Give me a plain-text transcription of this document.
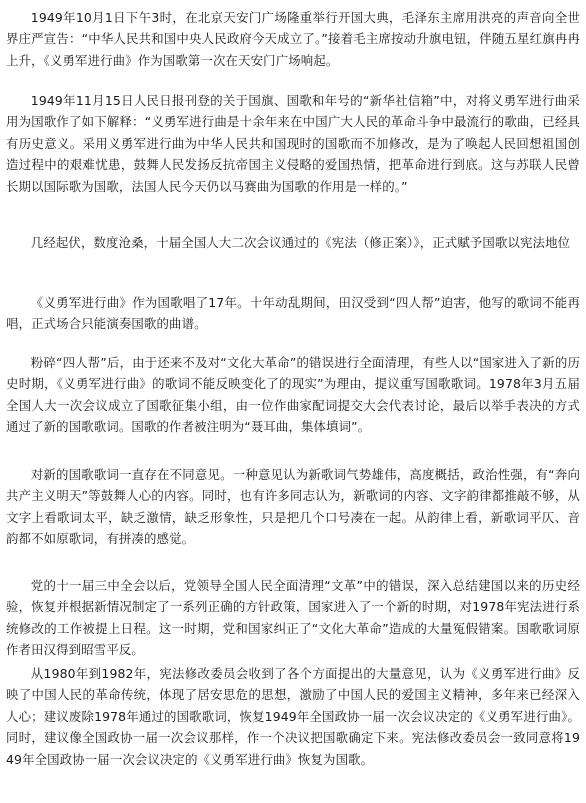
1949年10月1日下午3时，在北京天安门广场隆重举行开国大典，毛泽东主席用洪亮的声音向全世界庄严宣告：“中华人民共和国中央人民政府今天成立了。”接着毛主席按动升旗电钮，伴随五星红旗冉冉上升，《义勇军进行曲》作为国歌第一次在天安门广场响起。

1949年11月15日人民日报刊登的关于国旗、国歌和年号的“新华社信箱”中，对将义勇军进行曲采用为国歌作了如下解释：“义勇军进行曲是十余年来在中国广大人民的革命斗争中最流行的歌曲，已经具有历史意义。采用义勇军进行曲为中华人民共和国现时的国歌而不加修改，是为了唤起人民回想祖国创造过程中的艰难忧患，鼓舞人民发扬反抗帝国主义侵略的爱国热情，把革命进行到底。这与苏联人民曾长期以国际歌为国歌，法国人民今天仍以马赛曲为国歌的作用是一样的。”

几经起伏，数度沧桑，十届全国人大二次会议通过的《宪法（修正案）》，正式赋予国歌以宪法地位

《义勇军进行曲》作为国歌唱了17年。十年动乱期间，田汉受到“四人帮”迫害，他写的歌词不能再唱，正式场合只能演奏国歌的曲谱。

粉碎“四人帮”后，由于还来不及对“文化大革命”的错误进行全面清理，有些人以“国家进入了新的历史时期，《义勇军进行曲》的歌词不能反映变化了的现实”为理由，提议重写国歌歌词。1978年3月五届全国人大一次会议成立了国歌征集小组，由一位作曲家配词提交大会代表讨论，最后以举手表决的方式通过了新的国歌歌词。国歌的作者被注明为“聂耳曲，集体填词”。

对新的国歌歌词一直存在不同意见。一种意见认为新歌词气势雄伟，高度概括，政治性强，有“奔向共产主义明天”等鼓舞人心的内容。同时，也有许多同志认为，新歌词的内容、文字韵律都推敲不够，从文字上看歌词太平，缺乏激情，缺乏形象性，只是把几个口号凑在一起。从韵律上看，新歌词平仄、音韵都不如原歌词，有拼凑的感觉。

党的十一届三中全会以后，党领导全国人民全面清理“文革”中的错误，深入总结建国以来的历史经验，恢复并根据新情况制定了一系列正确的方针政策，国家进入了一个新的时期，对1978年宪法进行系统修改的工作被提上日程。这一时期，党和国家纠正了“文化大革命”造成的大量冤假错案。国歌歌词原作者田汉得到昭雪平反。

从1980年到1982年，宪法修改委员会收到了各个方面提出的大量意见，认为《义勇军进行曲》反映了中国人民的革命传统，体现了居安思危的思想，激励了中国人民的爱国主义精神，多年来已经深入人心；建议废除1978年通过的国歌歌词，恢复1949年全国政协一届一次会议决定的《义勇军进行曲》。同时，建议像全国政协一届一次会议那样，作一个决议把国歌确定下来。宪法修改委员会一致同意将1949年全国政协一届一次会议决定的《义勇军进行曲》恢复为国歌。
